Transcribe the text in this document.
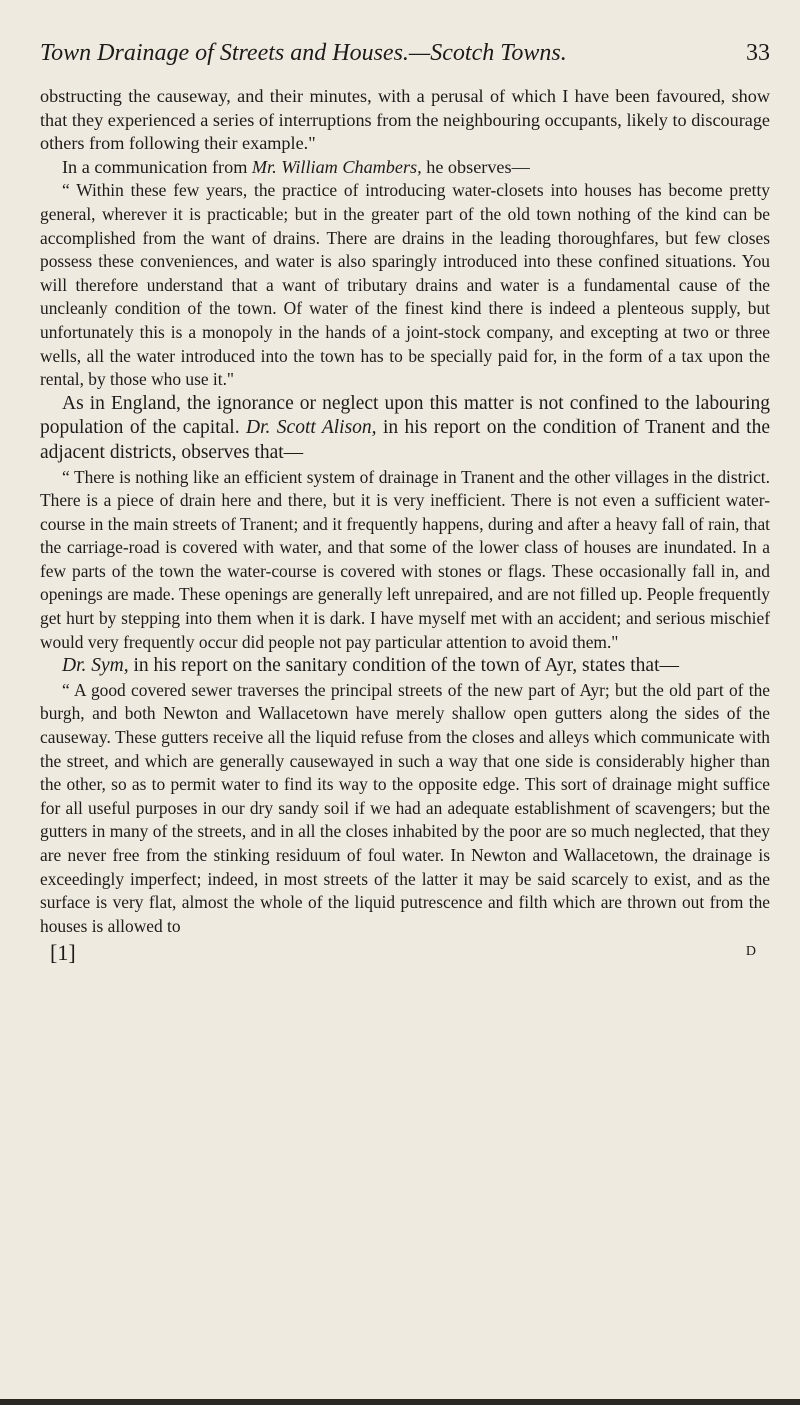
Town Drainage of Streets and Houses.—Scotch Towns.	33

obstructing the causeway, and their minutes, with a perusal of which I have been favoured, show that they experienced a series of interruptions from the neighbouring occupants, likely to discourage others from following their example."

In a communication from Mr. William Chambers, he observes—

“ Within these few years, the practice of introducing water-closets into houses has become pretty general, wherever it is practicable; but in the greater part of the old town nothing of the kind can be accomplished from the want of drains. There are drains in the leading thoroughfares, but few closes possess these conveniences, and water is also sparingly introduced into these confined situations. You will therefore understand that a want of tributary drains and water is a fundamental cause of the uncleanly condition of the town. Of water of the finest kind there is indeed a plenteous supply, but unfortunately this is a monopoly in the hands of a joint-stock company, and excepting at two or three wells, all the water introduced into the town has to be specially paid for, in the form of a tax upon the rental, by those who use it."

As in England, the ignorance or neglect upon this matter is not confined to the labouring population of the capital. Dr. Scott Alison, in his report on the condition of Tranent and the adjacent districts, observes that—

“ There is nothing like an efficient system of drainage in Tranent and the other villages in the district. There is a piece of drain here and there, but it is very inefficient. There is not even a sufficient water-course in the main streets of Tranent; and it frequently happens, during and after a heavy fall of rain, that the carriage-road is covered with water, and that some of the lower class of houses are inundated. In a few parts of the town the water-course is covered with stones or flags. These occasionally fall in, and openings are made. These openings are generally left unrepaired, and are not filled up. People frequently get hurt by stepping into them when it is dark. I have myself met with an accident; and serious mischief would very frequently occur did people not pay particular attention to avoid them."

Dr. Sym, in his report on the sanitary condition of the town of Ayr, states that—

“ A good covered sewer traverses the principal streets of the new part of Ayr; but the old part of the burgh, and both Newton and Wallacetown have merely shallow open gutters along the sides of the causeway. These gutters receive all the liquid refuse from the closes and alleys which communicate with the street, and which are generally causewayed in such a way that one side is considerably higher than the other, so as to permit water to find its way to the opposite edge. This sort of drainage might suffice for all useful purposes in our dry sandy soil if we had an adequate establishment of scavengers; but the gutters in many of the streets, and in all the closes inhabited by the poor are so much neglected, that they are never free from the stinking residuum of foul water. In Newton and Wallacetown, the drainage is exceedingly imperfect; indeed, in most streets of the latter it may be said scarcely to exist, and as the surface is very flat, almost the whole of the liquid putrescence and filth which are thrown out from the houses is allowed to

[1]	D
